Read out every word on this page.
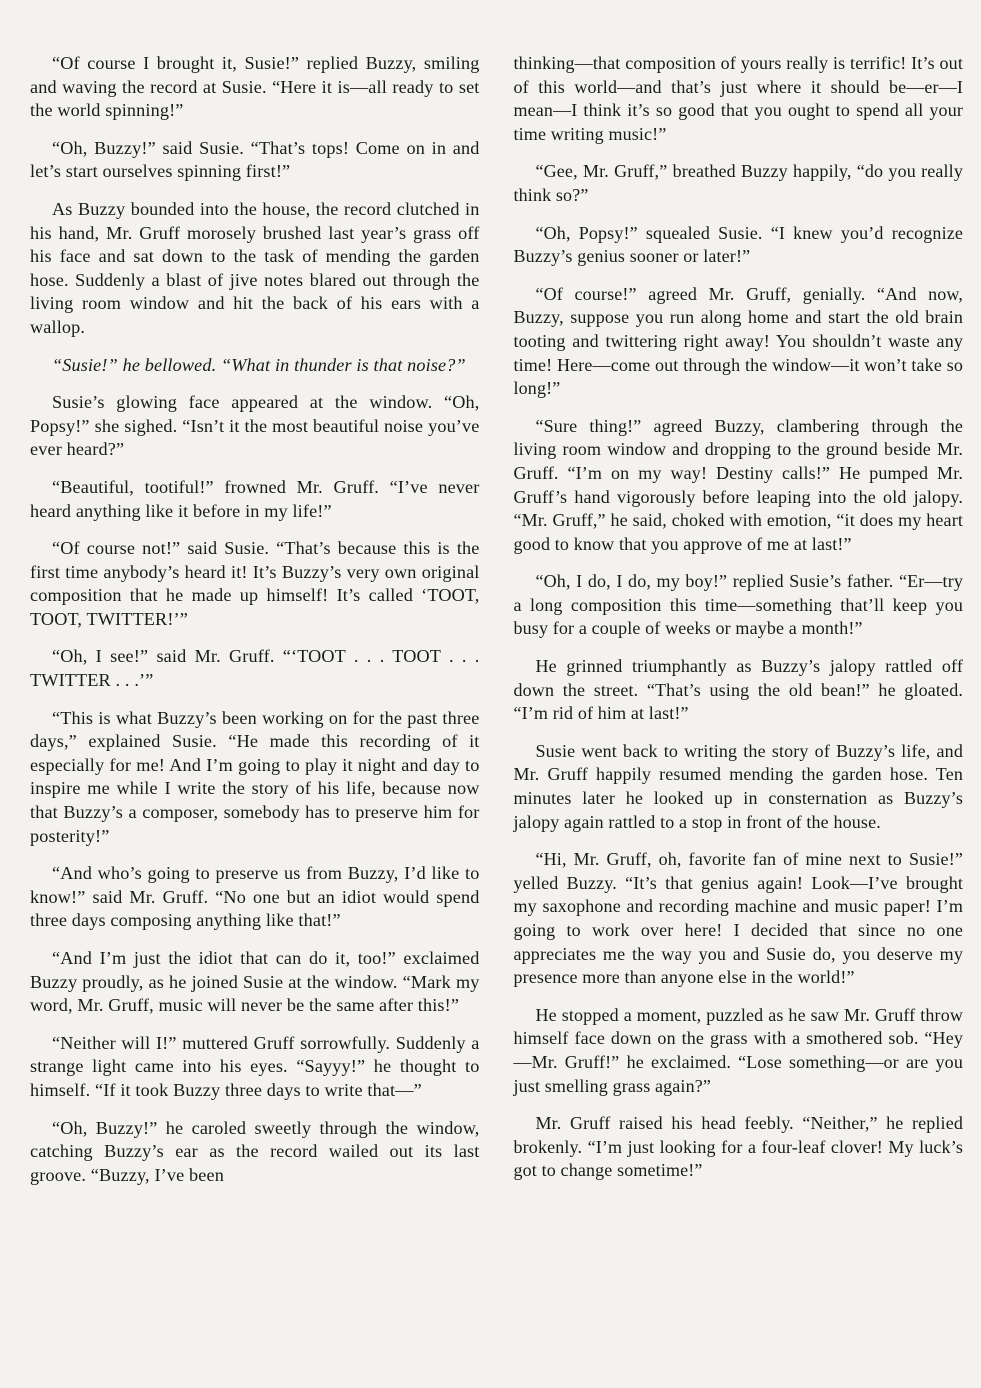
“Of course I brought it, Susie!” replied Buzzy, smiling and waving the record at Susie. “Here it is—all ready to set the world spinning!”

“Oh, Buzzy!” said Susie. “That’s tops! Come on in and let’s start ourselves spinning first!”

As Buzzy bounded into the house, the record clutched in his hand, Mr. Gruff morosely brushed last year’s grass off his face and sat down to the task of mending the garden hose. Suddenly a blast of jive notes blared out through the living room window and hit the back of his ears with a wallop.

“Susie!” he bellowed. “What in thunder is that noise?”

Susie’s glowing face appeared at the window. “Oh, Popsy!” she sighed. “Isn’t it the most beautiful noise you’ve ever heard?”

“Beautiful, tootiful!” frowned Mr. Gruff. “I’ve never heard anything like it before in my life!”

“Of course not!” said Susie. “That’s because this is the first time anybody’s heard it! It’s Buzzy’s very own original composition that he made up himself! It’s called ‘TOOT, TOOT, TWITTER!’”

“Oh, I see!” said Mr. Gruff. “‘TOOT . . . TOOT . . . TWITTER . . .’”

“This is what Buzzy’s been working on for the past three days,” explained Susie. “He made this recording of it especially for me! And I’m going to play it night and day to inspire me while I write the story of his life, because now that Buzzy’s a composer, somebody has to preserve him for posterity!”

“And who’s going to preserve us from Buzzy, I’d like to know!” said Mr. Gruff. “No one but an idiot would spend three days composing anything like that!”

“And I’m just the idiot that can do it, too!” exclaimed Buzzy proudly, as he joined Susie at the window. “Mark my word, Mr. Gruff, music will never be the same after this!”

“Neither will I!” muttered Gruff sorrowfully. Suddenly a strange light came into his eyes. “Sayyy!” he thought to himself. “If it took Buzzy three days to write that—”

“Oh, Buzzy!” he caroled sweetly through the window, catching Buzzy’s ear as the record wailed out its last groove. “Buzzy, I’ve been

thinking—that composition of yours really is terrific! It’s out of this world—and that’s just where it should be—er—I mean—I think it’s so good that you ought to spend all your time writing music!”

“Gee, Mr. Gruff,” breathed Buzzy happily, “do you really think so?”

“Oh, Popsy!” squealed Susie. “I knew you’d recognize Buzzy’s genius sooner or later!”

“Of course!” agreed Mr. Gruff, genially. “And now, Buzzy, suppose you run along home and start the old brain tooting and twittering right away! You shouldn’t waste any time! Here—come out through the window—it won’t take so long!”

“Sure thing!” agreed Buzzy, clambering through the living room window and dropping to the ground beside Mr. Gruff. “I’m on my way! Destiny calls!” He pumped Mr. Gruff’s hand vigorously before leaping into the old jalopy. “Mr. Gruff,” he said, choked with emotion, “it does my heart good to know that you approve of me at last!”

“Oh, I do, I do, my boy!” replied Susie’s father. “Er—try a long composition this time—something that’ll keep you busy for a couple of weeks or maybe a month!”

He grinned triumphantly as Buzzy’s jalopy rattled off down the street. “That’s using the old bean!” he gloated. “I’m rid of him at last!”

Susie went back to writing the story of Buzzy’s life, and Mr. Gruff happily resumed mending the garden hose. Ten minutes later he looked up in consternation as Buzzy’s jalopy again rattled to a stop in front of the house.

“Hi, Mr. Gruff, oh, favorite fan of mine next to Susie!” yelled Buzzy. “It’s that genius again! Look—I’ve brought my saxophone and recording machine and music paper! I’m going to work over here! I decided that since no one appreciates me the way you and Susie do, you deserve my presence more than anyone else in the world!”

He stopped a moment, puzzled as he saw Mr. Gruff throw himself face down on the grass with a smothered sob. “Hey—Mr. Gruff!” he exclaimed. “Lose something—or are you just smelling grass again?”

Mr. Gruff raised his head feebly. “Neither,” he replied brokenly. “I’m just looking for a four-leaf clover! My luck’s got to change sometime!”
